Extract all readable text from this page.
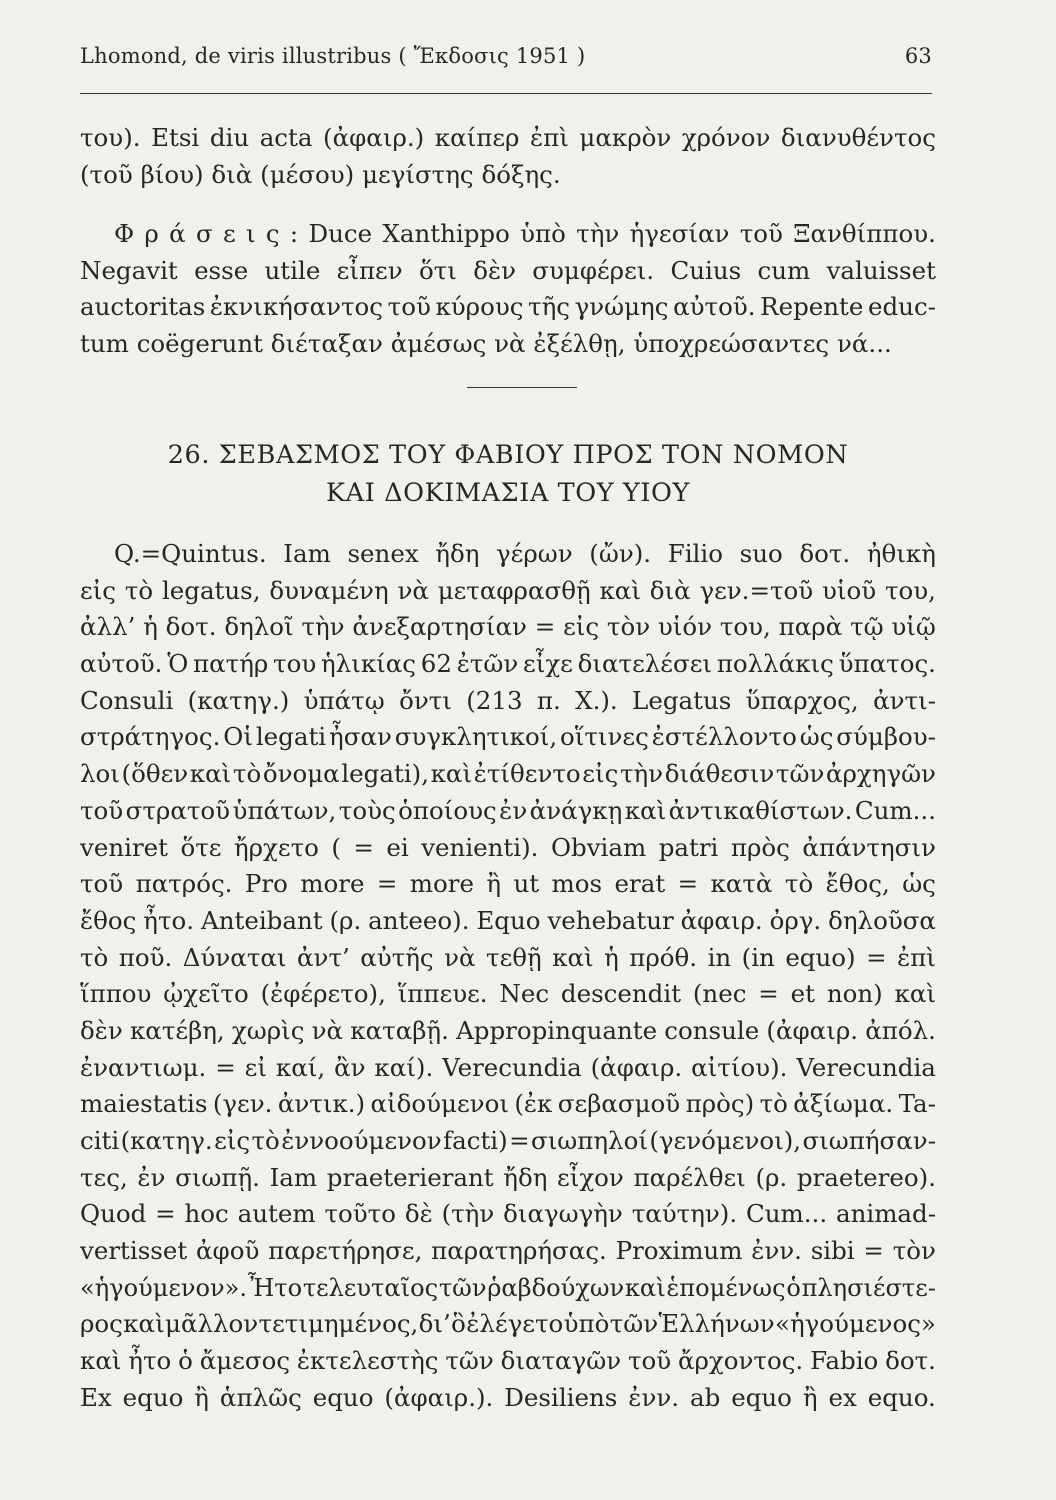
Lhomond, de viris illustribus ( Ἔκδοσις 1951 )	63
του). Etsi diu acta (ἀφαιρ.) καίπερ ἐπὶ μακρὸν χρόνον διανυθέντος
(τοῦ βίου) διὰ (μέσου) μεγίστης δόξης.
Φ ρ ά σ ε ι ς : Duce Xanthippo ὑπὸ τὴν ἡγεσίαν τοῦ Ξανθίππου.
Negavit esse utile εἶπεν ὅτι δὲν συμφέρει. Cuius cum valuisset
auctoritas ἐκνικήσαντος τοῦ κύρους τῆς γνώμης αὐτοῦ. Repente educ-
tum coëgerunt διέταξαν ἀμέσως νὰ ἐξέλθῃ, ὑποχρεώσαντες νά...
26. ΣΕΒΑΣΜΟΣ ΤΟΥ ΦΑΒΙΟΥ ΠΡΟΣ ΤΟΝ ΝΟΜΟΝ
ΚΑΙ ΔΟΚΙΜΑΣΙΑ ΤΟΥ ΥΙΟΥ
Q.=Quintus. Iam senex ἤδη γέρων (ὤν). Filio suo δοτ. ἠθικὴ
εἰς τὸ legatus, δυναμένη νὰ μεταφρασθῇ καὶ διὰ γεν.=τοῦ υἱοῦ του,
ἀλλ’ ἡ δοτ. δηλοῖ τὴν ἀνεξαρτησίαν = εἰς τὸν υἱόν του, παρὰ τῷ υἱῷ
αὐτοῦ. Ὁ πατήρ του ἡλικίας 62 ἐτῶν εἶχε διατελέσει πολλάκις ὕπατος.
Consuli (κατηγ.) ὑπάτῳ ὄντι (213 π. Χ.). Legatus ὕπαρχος, ἀντι-
στράτηγος. Οἱ legati ἦσαν συγκλητικοί, οἵτινες ἐστέλλοντο ὡς σύμβου-
λοι (ὅθεν καὶ τὸ ὄνομα legati), καὶ ἐτίθεντο εἰς τὴν διάθεσιν τῶν ἀρχηγῶν
τοῦ στρατοῦ ὑπάτων, τοὺς ὁποίους ἐν ἀνάγκῃ καὶ ἀντικαθίστων. Cum...
veniret ὅτε ἤρχετο ( = ei venienti). Obviam patri πρὸς ἀπάντησιν
τοῦ πατρός. Pro more = more ἢ ut mos erat = κατὰ τὸ ἔθος, ὡς
ἔθος ἦτο. Anteibant (ρ. anteeo). Equo vehebatur ἀφαιρ. ὀργ. δηλοῦσα
τὸ ποῦ. Δύναται ἀντ’ αὐτῆς νὰ τεθῇ καὶ ἡ πρόθ. in (in equo) = ἐπὶ
ἵππου ᾠχεῖτο (ἐφέρετο), ἵππευε. Nec descendit (nec = et non) καὶ
δὲν κατέβη, χωρὶς νὰ καταβῇ. Appropinquante consule (ἀφαιρ. ἀπόλ.
ἐναντιωμ. = εἰ καί, ἂν καί). Verecundia (ἀφαιρ. αἰτίου). Verecundia
maiestatis (γεν. ἀντικ.) αἰδούμενοι (ἐκ σεβασμοῦ πρὸς) τὸ ἀξίωμα. Ta-
citi (κατηγ. εἰς τὸ ἐννοούμενον facti) = σιωπηλοί (γενόμενοι), σιωπήσαν-
τες, ἐν σιωπῇ. Iam praeterierant ἤδη εἶχον παρέλθει (ρ. praetereo).
Quod = hoc autem τοῦτο δὲ (τὴν διαγωγὴν ταύτην). Cum... animad-
vertisset ἀφοῦ παρετήρησε, παρατηρήσας. Proximum ἐνν. sibi = τὸν
«ἡγούμενον». Ἦτο τελευταῖος τῶν ῥαβδούχων καὶ ἑπομένως ὁ πλησιέστε-
ρος καὶ μᾶλλον τετιμημένος, δι’ ὃ ἐλέγετο ὑπὸ τῶν Ἑλλήνων «ἡγούμενος»
καὶ ἦτο ὁ ἄμεσος ἐκτελεστὴς τῶν διαταγῶν τοῦ ἄρχοντος. Fabio δοτ.
Ex equo ἢ ἁπλῶς equo (ἀφαιρ.). Desiliens ἐνν. ab equo ἢ ex equo.
